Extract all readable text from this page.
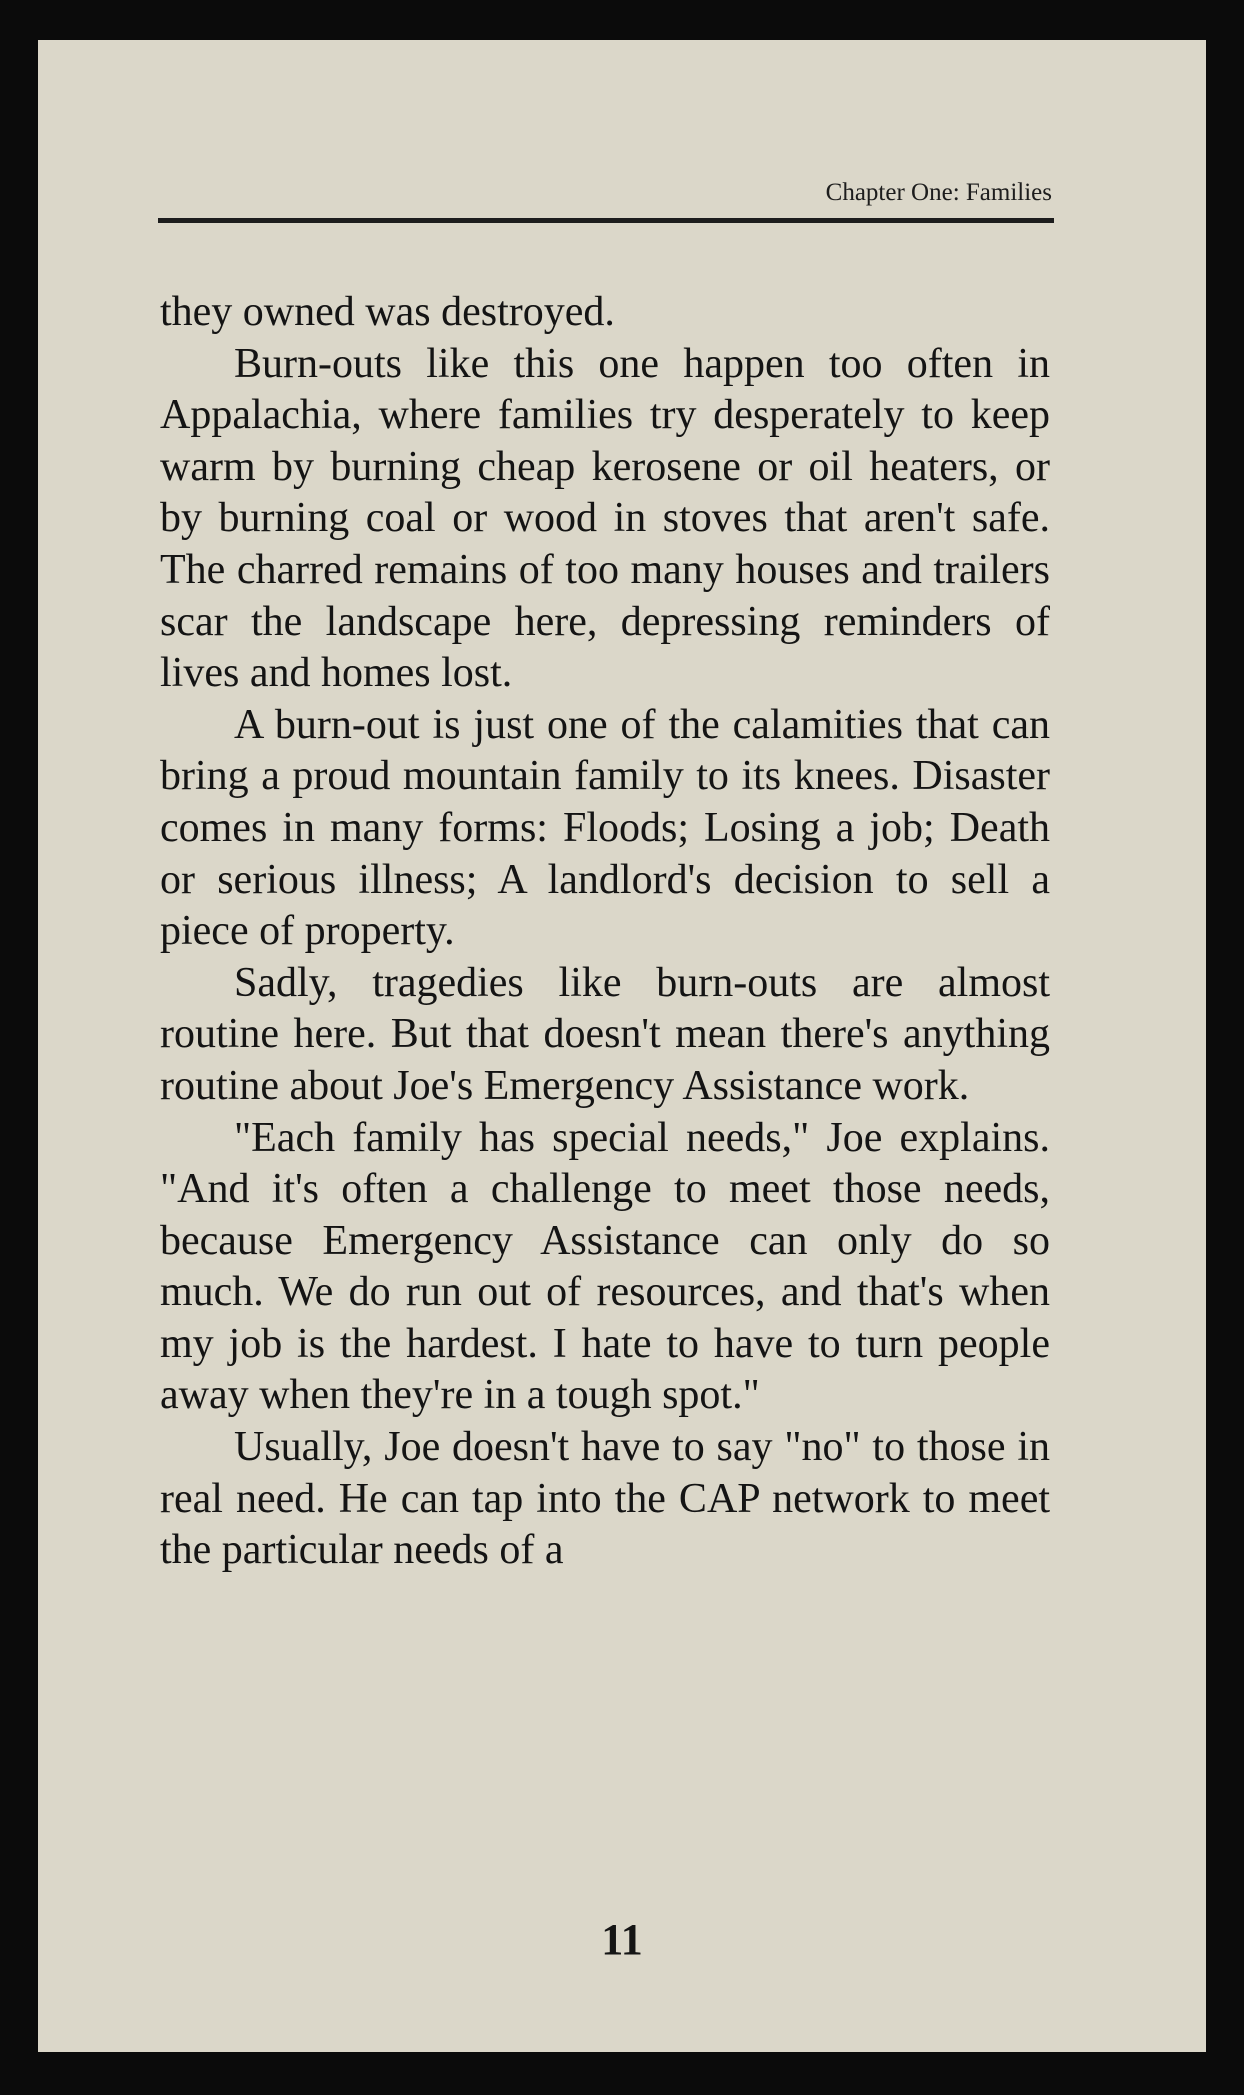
Chapter One: Families

they owned was destroyed.

Burn-outs like this one happen too often in Appalachia, where families try desperately to keep warm by burning cheap kerosene or oil heaters, or by burning coal or wood in stoves that aren't safe. The charred remains of too many houses and trailers scar the landscape here, depressing reminders of lives and homes lost.

A burn-out is just one of the calamities that can bring a proud mountain family to its knees. Disaster comes in many forms: Floods; Losing a job; Death or serious illness; A landlord's decision to sell a piece of property.

Sadly, tragedies like burn-outs are almost routine here. But that doesn't mean there's anything routine about Joe's Emergency Assistance work.

"Each family has special needs," Joe explains. "And it's often a challenge to meet those needs, because Emergency Assistance can only do so much. We do run out of resources, and that's when my job is the hardest. I hate to have to turn people away when they're in a tough spot."

Usually, Joe doesn't have to say "no" to those in real need. He can tap into the CAP network to meet the particular needs of a

11
